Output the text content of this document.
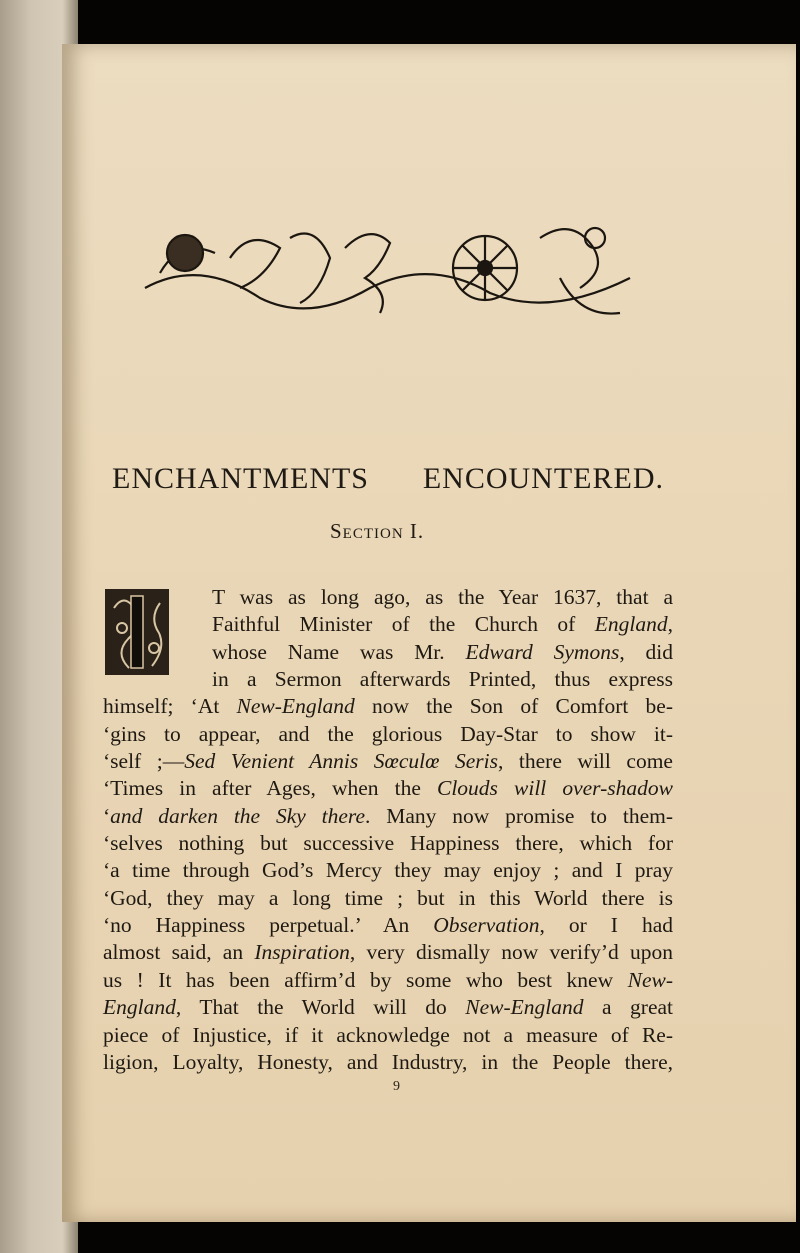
ENCHANTMENTS ENCOUNTERED.
Section I.
I
T was as long ago, as the Year 1637, that a
Faithful Minister of the Church of England,
whose Name was Mr. Edward Symons, did
in a Sermon afterwards Printed, thus express
himself; ‘At New-England now the Son of Comfort be-
‘gins to appear, and the glorious Day-Star to show it-
‘self ;—Sed Venient Annis Sœculœ Seris, there will come
‘Times in after Ages, when the Clouds will over-shadow
‘and darken the Sky there. Many now promise to them-
‘selves nothing but successive Happiness there, which for
‘a time through God’s Mercy they may enjoy ; and I pray
‘God, they may a long time ; but in this World there is
‘no Happiness perpetual.’ An Observation, or I had
almost said, an Inspiration, very dismally now verify’d upon
us ! It has been affirm’d by some who best knew New-
England, That the World will do New-England a great
piece of Injustice, if it acknowledge not a measure of Re-
ligion, Loyalty, Honesty, and Industry, in the People there,
9
